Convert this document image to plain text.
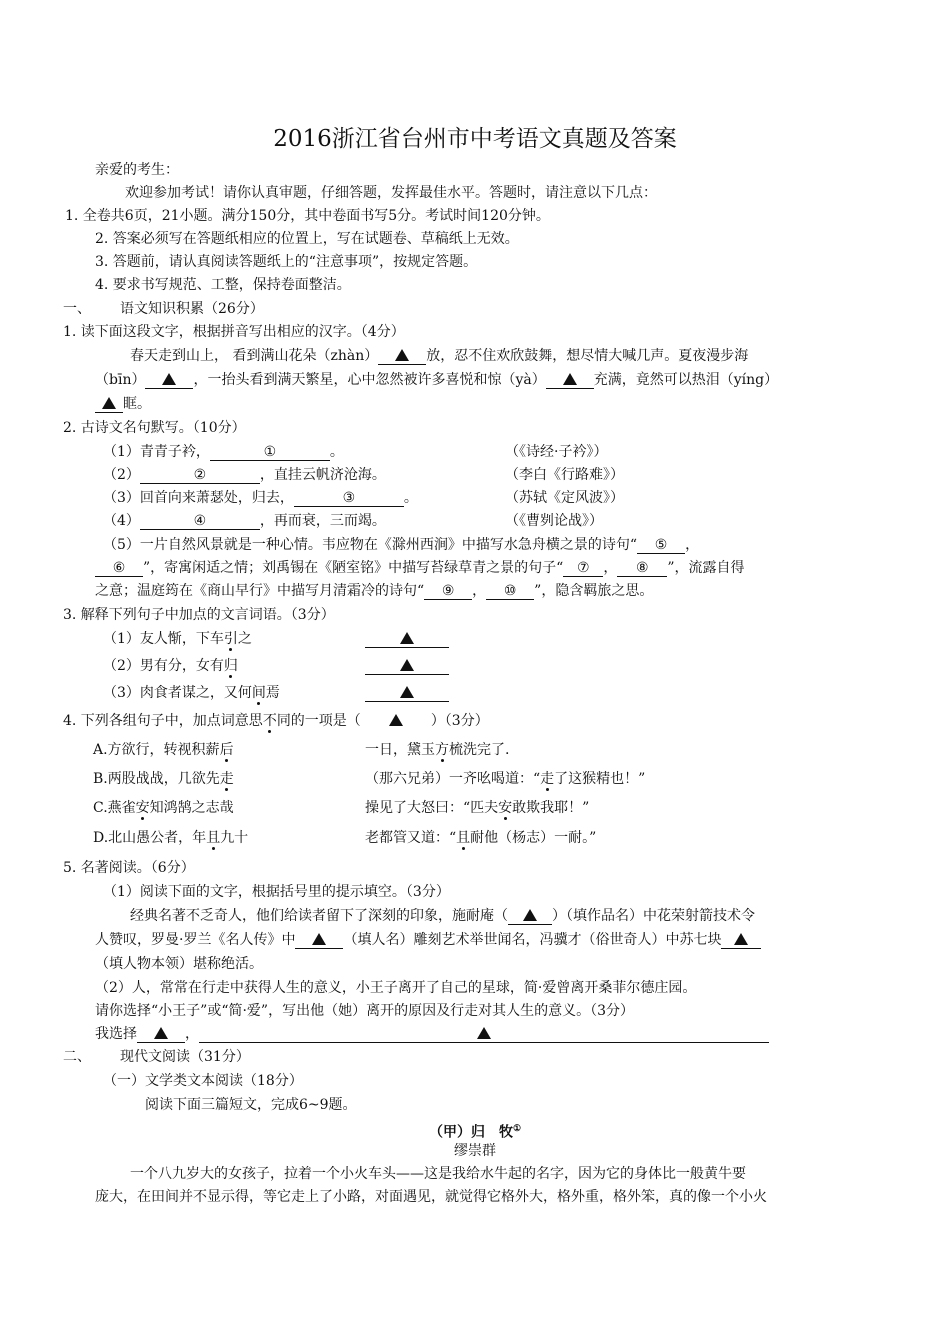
2016浙江省台州市中考语文真题及答案
亲爱的考生：
欢迎参加考试！请你认真审题，仔细答题，发挥最佳水平。答题时，请注意以下几点：
1. 全卷共6页，21小题。满分150分，其中卷面书写5分。考试时间120分钟。
2. 答案必须写在答题纸相应的位置上，写在试题卷、草稿纸上无效。
3. 答题前，请认真阅读答题纸上的“注意事项”，按规定答题。
4. 要求书写规范、工整，保持卷面整洁。
一、 语文知识积累（26分）
1. 读下面这段文字，根据拼音写出相应的汉字。（4分）
春天走到山上， 看到满山花朵（zhàn）	放，忍不住欢欣鼓舞，想尽情大喊几声。夏夜漫步海
（bīn）	，一抬头看到满天繁星，心中忽然被许多喜悦和惊（yà）	充满，竟然可以热泪（yíng）
眶。
2. 古诗文名句默写。（10分）
（1）青青子衿，	①	。	（《诗经·子衿》）
（2）	②	，直挂云帆济沧海。	（李白《行路难》）
（3）回首向来萧瑟处，归去，	③	。	（苏轼《定风波》）
（4）	④	，再而衰，三而竭。	（《曹刿论战》）
（5）一片自然风景就是一种心情。韦应物在《滁州西涧》中描写水急舟横之景的诗句“ ⑤ ，
⑥ ”，寄寓闲适之情；刘禹锡在《陋室铭》中描写苔绿草青之景的句子“ ⑦ ， ⑧ ”，流露自得
之意；温庭筠在《商山早行》中描写月清霜冷的诗句“ ⑨ ， ⑩ ”，隐含羁旅之思。
3. 解释下列句子中加点的文言词语。（3分）
（1）友人惭，下车引之
（2）男有分，女有归
（3）肉食者谋之，又何间焉
4. 下列各组句子中，加点词意思不同的一项是（	）（3分）
A.方欲行，转视积薪后	一日，黛玉方梳洗完了.
B.两股战战，几欲先走	（那六兄弟）一齐吆喝道：“走了这猴精也！”
C.燕雀安知鸿鹄之志哉	操见了大怒曰：“匹夫安敢欺我耶！”
D.北山愚公者，年且九十	老都管又道：“且耐他（杨志）一耐。”
5. 名著阅读。（6分）
（1）阅读下面的文字，根据括号里的提示填空。（3分）
经典名著不乏奇人，他们给读者留下了深刻的印象，施耐庵（	）（填作品名）中花荣射箭技术令
人赞叹，罗曼·罗兰《名人传》中	（填人名）雕刻艺术举世闻名，冯骥才（俗世奇人）中苏七块
（填人物本领）堪称绝活。
（2）人，常常在行走中获得人生的意义，小王子离开了自己的星球，简·爱曾离开桑菲尔德庄园。
请你选择“小王子”或“简·爱”，写出他（她）离开的原因及行走对其人生的意义。（3分）
我选择	，
二、 现代文阅读（31分）
（一）文学类文本阅读（18分）
阅读下面三篇短文，完成6~9题。
（甲）归　牧①
缪崇群
一个八九岁大的女孩子，拉着一个小火车头——这是我给水牛起的名字，因为它的身体比一般黄牛要
庞大，在田间并不显示得，等它走上了小路，对面遇见，就觉得它格外大，格外重，格外笨，真的像一个小火
